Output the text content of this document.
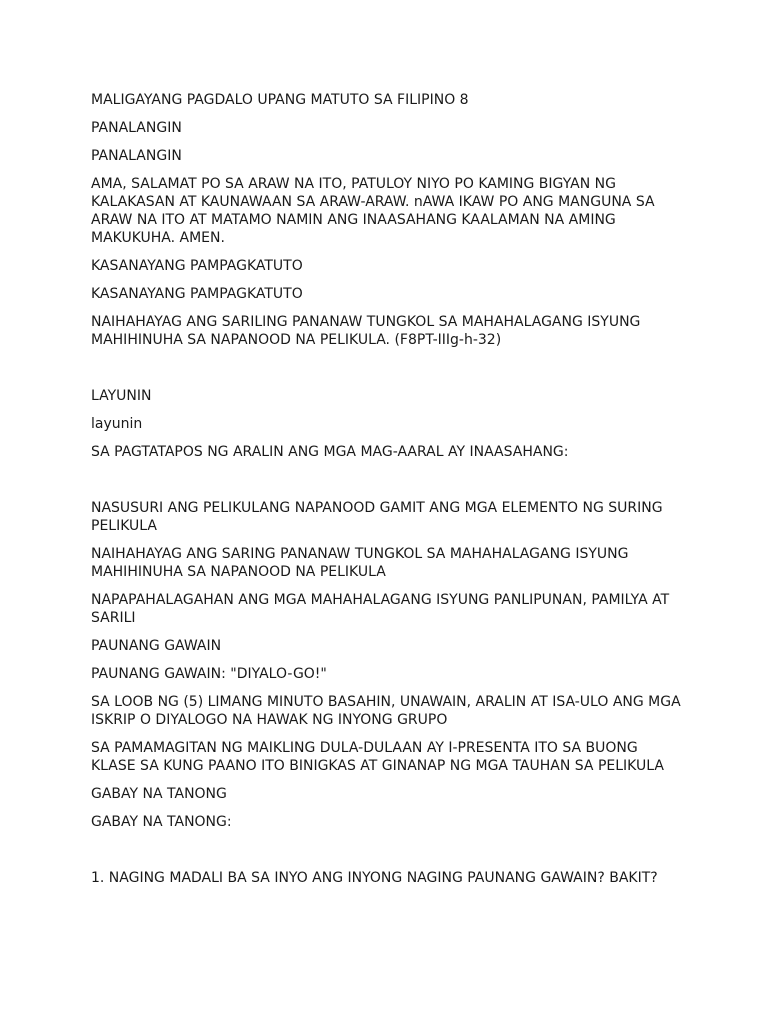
MALIGAYANG PAGDALO UPANG MATUTO SA FILIPINO 8

PANALANGIN

PANALANGIN

AMA, SALAMAT PO SA ARAW NA ITO, PATULOY NIYO PO KAMING BIGYAN NG KALAKASAN AT KAUNAWAAN SA ARAW-ARAW. nAWA IKAW PO ANG MANGUNA SA ARAW NA ITO AT MATAMO NAMIN ANG INAASAHANG KAALAMAN NA AMING MAKUKUHA. AMEN.

KASANAYANG PAMPAGKATUTO

KASANAYANG PAMPAGKATUTO

NAIHAHAYAG ANG SARILING PANANAW TUNGKOL SA MAHAHALAGANG ISYUNG MAHIHINUHA SA NAPANOOD NA PELIKULA. (F8PT-IIIg-h-32)

LAYUNIN

layunin

SA PAGTATAPOS NG ARALIN ANG MGA MAG-AARAL AY INAASAHANG:

NASUSURI ANG PELIKULANG NAPANOOD GAMIT ANG MGA ELEMENTO NG SURING PELIKULA

NAIHAHAYAG ANG SARING PANANAW TUNGKOL SA MAHAHALAGANG ISYUNG MAHIHINUHA SA NAPANOOD NA PELIKULA

NAPAPAHALAGAHAN ANG MGA MAHAHALAGANG ISYUNG PANLIPUNAN, PAMILYA AT SARILI

PAUNANG GAWAIN

PAUNANG GAWAIN: "DIYALO-GO!"

SA LOOB NG (5) LIMANG MINUTO BASAHIN, UNAWAIN, ARALIN AT ISA-ULO ANG MGA ISKRIP O DIYALOGO NA HAWAK NG INYONG GRUPO

SA PAMAMAGITAN NG MAIKLING DULA-DULAAN AY I-PRESENTA ITO SA BUONG KLASE SA KUNG PAANO ITO BINIGKAS AT GINANAP NG MGA TAUHAN SA PELIKULA

GABAY NA TANONG

GABAY NA TANONG:

1. NAGING MADALI BA SA INYO ANG INYONG NAGING PAUNANG GAWAIN? BAKIT?
